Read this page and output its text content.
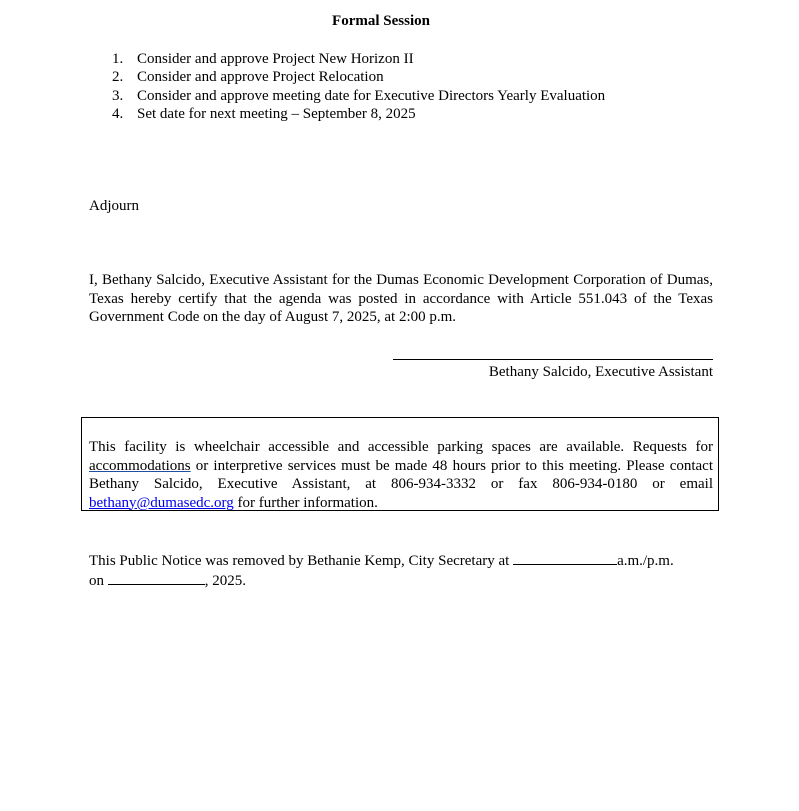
Formal Session
1. Consider and approve Project New Horizon II
2. Consider and approve Project Relocation
3. Consider and approve meeting date for Executive Directors Yearly Evaluation
4. Set date for next meeting – September 8, 2025
Adjourn

I, Bethany Salcido, Executive Assistant for the Dumas Economic Development Corporation of Dumas, Texas hereby certify that the agenda was posted in accordance with Article 551.043 of the Texas Government Code on the day of August 7, 2025, at 2:00 p.m.

Bethany Salcido, Executive Assistant

This facility is wheelchair accessible and accessible parking spaces are available. Requests for accommodations or interpretive services must be made 48 hours prior to this meeting. Please contact Bethany Salcido, Executive Assistant, at 806-934-3332 or fax 806-934-0180 or email bethany@dumasedc.org for further information.

This Public Notice was removed by Bethanie Kemp, City Secretary at	a.m./p.m.
on	, 2025.
